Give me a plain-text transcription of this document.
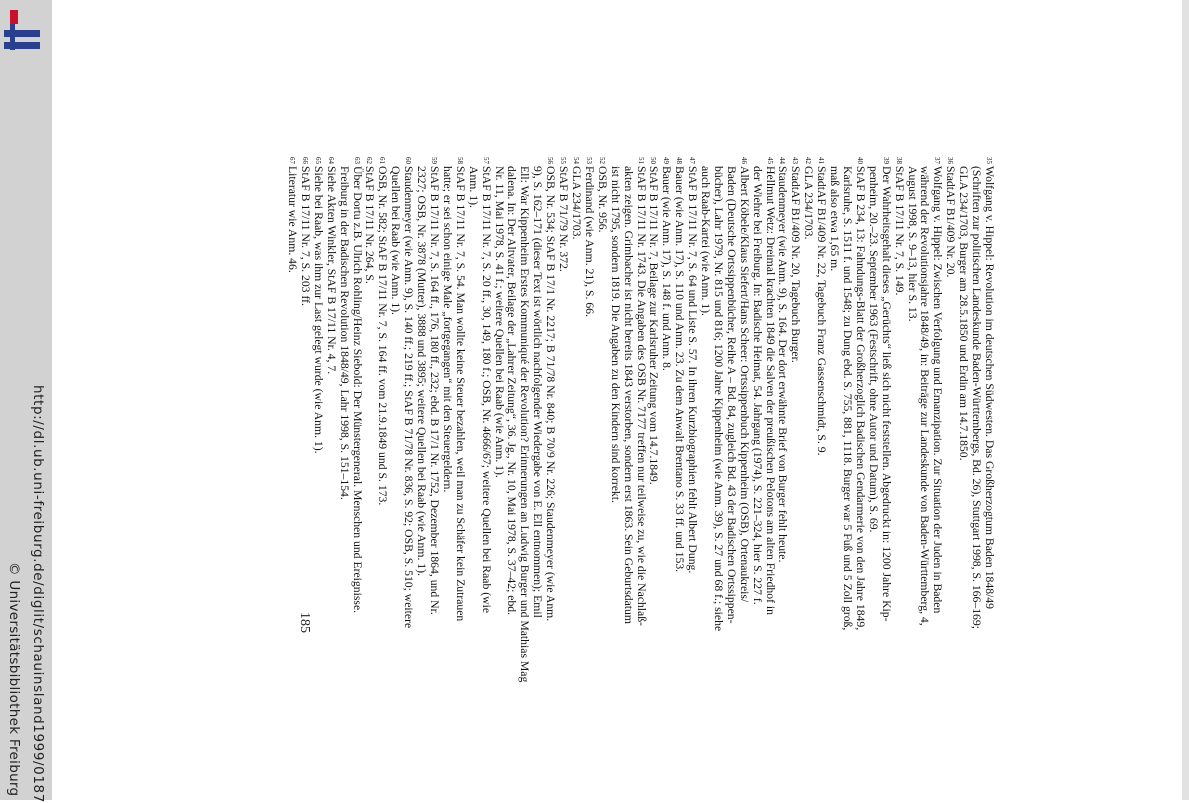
http://dl.ub.uni-freiburg.de/diglit/schauinsland1999/0187
© Universitätsbibliothek Freiburg	185
35Wolfgang v. Hippel: Revolution im deutschen Südwesten. Das Großherzogtum Baden 1848/49
(Schriften zur politischen Landeskunde Baden-Württembergs, Bd. 26), Stuttgart 1998, S. 166–169;
GLA 234/1703, Burger am 28.5.1850 und Erdin am 14.7.1850.
36StadtAF B1/409 Nr. 20.
37Wolfgang v. Hippel: Zwischen Verfolgung und Emanzipation. Zur Situation der Juden in Baden
während der Revolutionsjahre 1848/49, in: Beiträge zur Landeskunde von Baden-Württemberg, 4,
August 1998, S. 9–13, hier S. 13.
38StAF B 17/11 Nr. 7, S. 149.
39Der Wahrheitsgehalt dieses „Gerüchts“ ließ sich nicht feststellen. Abgedruckt in: 1200 Jahre Kip-
penheim, 20.–23. September 1963 (Festschrift, ohne Autor und Datum), S. 69.
40StAF B 234, 13: Fahndungs-Blatt der Großherzoglich Badischen Gendarmerie von den Jahre 1849,
Karlsruhe, S. 1511 f. und 1548; zu Dung ebd. S. 755, 881, 1118. Burger war 5 Fuß und 5 Zoll groß,
maß also etwa 1,65 m.
41StadtAF B1/409 Nr. 22, Tagebuch Franz Gassenschmidt, S. 9.
42GLA 234/1703.
43StadtAF B1/409 Nr. 20, Tagebuch Burger.
44Staudenmeyer (wie Anm. 9), S. 164. Der dort erwähnte Brief von Burger fehlt heute.
45Hellmut Wetz: Dreimal krachten 1849 die Salven der preußischen Pelotons am alten Friedhof in
der Wiehre bei Freiburg. In: Badische Heimat, 54. Jahrgang (1974), S. 221–324, hier S. 227 f.
46Albert Köbele/Klaus Siefert/Hans Scheer: Ortssippenbuch Kippenheim (OSB), Ortenaukreis/
Baden (Deutsche Ortssippenbücher, Reihe A – Bd. 84, zugleich Bd. 43 der Badischen Ortssippen-
bücher), Lahr 1979, Nr. 815 und 816; 1200 Jahre Kippenheim (wie Anm. 39), S. 27 und 68 f.; siehe
auch Raab-Kartei (wie Anm. 1).
47StAF B 17/11 Nr. 7, S. 64 und Liste S. 57. In ihren Kurzbiographien fehlt Albert Dung.
48Bauer (wie Anm. 17), S. 110 und Anm. 23. Zu dem Anwalt Brentano S. 33 ff. und 153.
49Bauer (wie Anm. 17), S. 148 f. und Anm. 8.
50StAF B 17/11 Nr. 7, Beilage zur Karlsruher Zeitung vom 14.7.1849.
51StAF B 17/11 Nr. 1743. Die Angaben des OSB Nr. 7177 treffen nur teilweise zu, wie die Nachlaß-
akten zeigen. Grimbacher ist nicht bereits 1843 verstorben, sondern erst 1863. Sein Geburtsdatum
ist nicht 1795, sondern 1819. Die Angaben zu den Kindern sind korrekt.
52OSB, Nr. 956.
53Ferdinand (wie Anm. 21), S. 66.
54GLA 234/1703.
55StAF B 71/79 Nr. 372.
56OSB, Nr. 534; StAF B 17/1 Nr. 2217; B 71/78 Nr. 840; B 70/9 Nr. 226; Staudenmeyer (wie Anm.
9), S. 162–171 (dieser Text ist wörtlich nachfolgender Wiedergabe von E. Ell entnommen); Emil
Ell: War Kippenheim Erstes Kommuniqué der Revolution? Erinnerungen an Ludwig Burger und Mathias Mag
dalena. In: Der Altvater, Beilage der „Lahrer Zeitung“, 36. Jg., Nr. 10, Mai 1978, S. 37–42; ebd.
Nr. 11, Mai 1978, S. 41 f.; weitere Quellen bei Raab (wie Anm. 1).
57StAF B 17/11 Nr. 7, S. 20 ff., 30, 149, 180 f.; OSB, Nr. 4666/67; weitere Quellen bei Raab (wie
Anm. 1).
58StAF B 17/11 Nr. 7, S. 54. Man wollte keine Steuer bezahlen, weil man zu Schäfer kein Zutrauen
hatte; er sei schon einige Male „fortgegangen“ mit den Steuergeldern.
59StAF B 17/11 Nr. 7, S. 164 ff., 176, 180 ff., 232; ebd. B 17/1 Nr. 1752, Dezember 1864, und Nr.
2327; OSB, Nr. 3878 (Mutter), 3888 und 3895; weitere Quellen bei Raab (wie Anm. 1).
60Staudenmeyer (wie Anm. 9), S. 140 ff.; 219 ff.; StAF B 71/78 Nr. 836, S. 92; OSB, S. 510; weitere
Quellen bei Raab (wie Anm. 1).
61OSB, Nr. 582; StAF B 17/11 Nr. 7, S. 164 ff. vom 21.9.1849 und S. 173.
62StAF B 17/11 Nr. 264, S.
63Über Dortu z.B. Ulrich Rohling/Heinz Siebold: Der Münstergeneral. Menschen und Ereignisse.
Freiburg in der Badischen Revolution 1848/49, Lahr 1998, S. 151–154.
64Siehe Akten Winkler, StAF B 17/11 Nr. 4, 7.
65Siehe bei Raab, was ihm zur Last gelegt wurde (wie Anm. 1).
66StAF B 17/11 Nr. 7, S. 203 ff.
67Literatur wie Anm. 46.
